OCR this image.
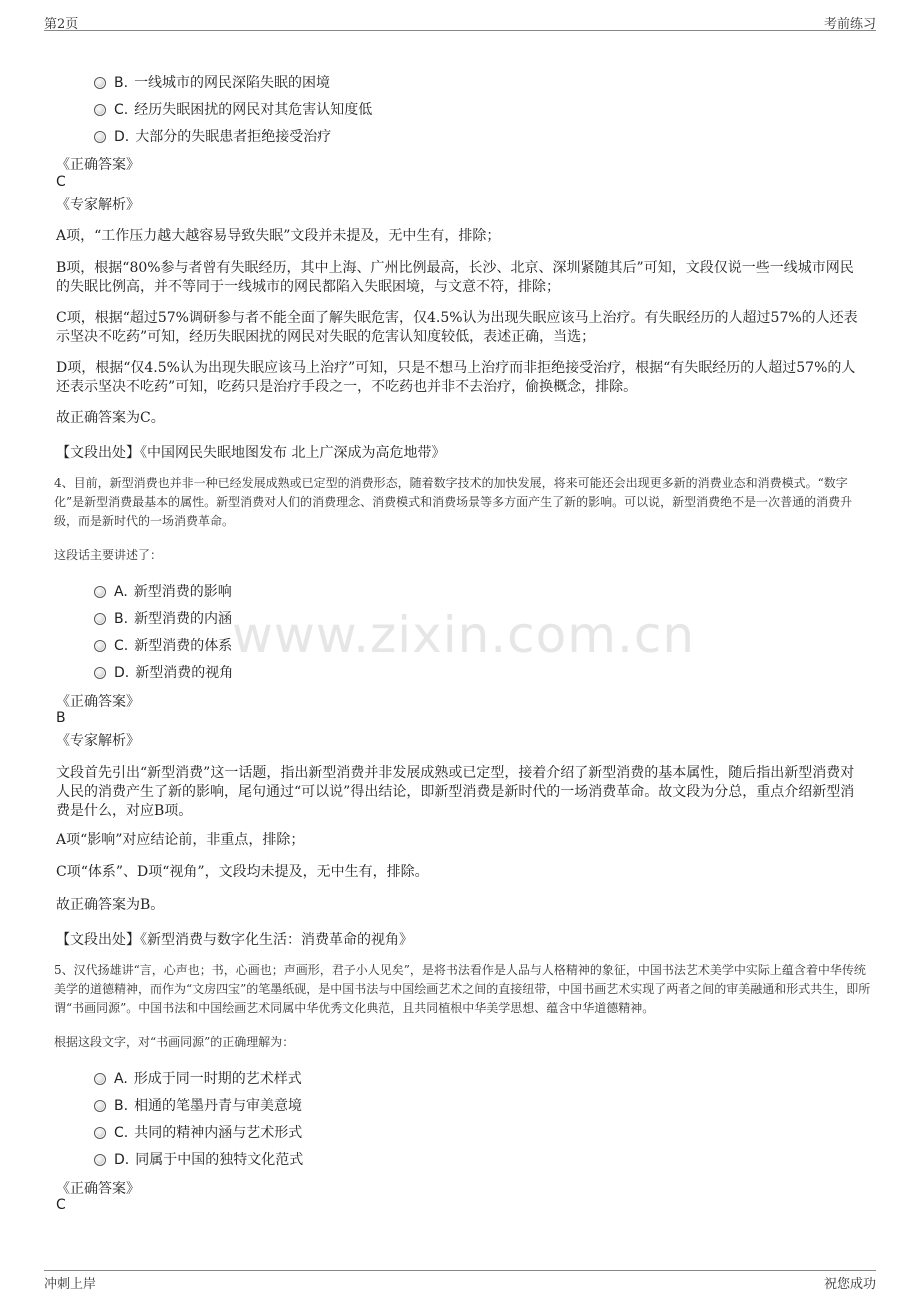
第2页	考前练习
www.zixin.com.cn
B. 一线城市的网民深陷失眠的困境
C. 经历失眠困扰的网民对其危害认知度低
D. 大部分的失眠患者拒绝接受治疗
《正确答案》
C
《专家解析》
A项，“工作压力越大越容易导致失眠”文段并未提及，无中生有，排除；
B项，根据“80%参与者曾有失眠经历，其中上海、广州比例最高，长沙、北京、深圳紧随其后”可知，文段仅说一些一线城市网民的失眠比例高，并不等同于一线城市的网民都陷入失眠困境，与文意不符，排除；
C项，根据“超过57%调研参与者不能全面了解失眠危害，仅4.5%认为出现失眠应该马上治疗。有失眠经历的人超过57%的人还表示坚决不吃药”可知，经历失眠困扰的网民对失眠的危害认知度较低，表述正确，当选；
D项，根据“仅4.5%认为出现失眠应该马上治疗”可知，只是不想马上治疗而非拒绝接受治疗，根据“有失眠经历的人超过57%的人还表示坚决不吃药”可知，吃药只是治疗手段之一，不吃药也并非不去治疗，偷换概念，排除。
故正确答案为C。
【文段出处】《中国网民失眠地图发布 北上广深成为高危地带》
4、目前，新型消费也并非一种已经发展成熟或已定型的消费形态，随着数字技术的加快发展，将来可能还会出现更多新的消费业态和消费模式。“数字化”是新型消费最基本的属性。新型消费对人们的消费理念、消费模式和消费场景等多方面产生了新的影响。可以说，新型消费绝不是一次普通的消费升级，而是新时代的一场消费革命。
这段话主要讲述了：
A. 新型消费的影响
B. 新型消费的内涵
C. 新型消费的体系
D. 新型消费的视角
《正确答案》
B
《专家解析》
文段首先引出“新型消费”这一话题，指出新型消费并非发展成熟或已定型，接着介绍了新型消费的基本属性，随后指出新型消费对人民的消费产生了新的影响，尾句通过“可以说”得出结论，即新型消费是新时代的一场消费革命。故文段为分总，重点介绍新型消费是什么，对应B项。
A项“影响”对应结论前，非重点，排除；
C项“体系”、D项“视角”，文段均未提及，无中生有，排除。
故正确答案为B。
【文段出处】《新型消费与数字化生活：消费革命的视角》
5、汉代扬雄讲“言，心声也；书，心画也；声画形，君子小人见矣”，是将书法看作是人品与人格精神的象征，中国书法艺术美学中实际上蕴含着中华传统美学的道德精神，而作为“文房四宝”的笔墨纸砚，是中国书法与中国绘画艺术之间的直接纽带，中国书画艺术实现了两者之间的审美融通和形式共生，即所谓“书画同源”。中国书法和中国绘画艺术同属中华优秀文化典范，且共同植根中华美学思想、蕴含中华道德精神。
根据这段文字，对“书画同源”的正确理解为：
A. 形成于同一时期的艺术样式
B. 相通的笔墨丹青与审美意境
C. 共同的精神内涵与艺术形式
D. 同属于中国的独特文化范式
《正确答案》
C
冲刺上岸	祝您成功
